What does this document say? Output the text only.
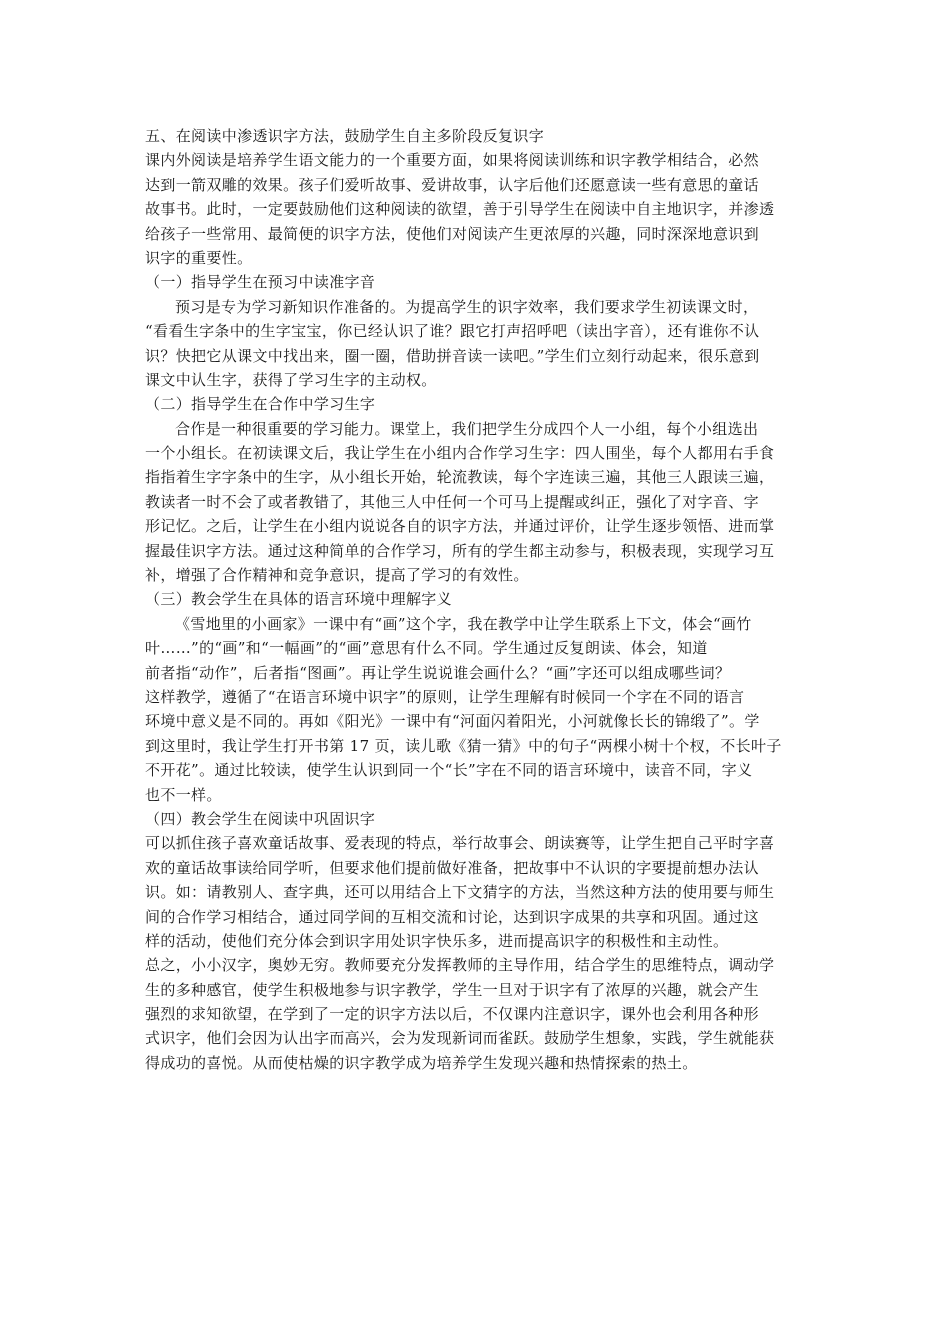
五、在阅读中渗透识字方法，鼓励学生自主多阶段反复识字
课内外阅读是培养学生语文能力的一个重要方面，如果将阅读训练和识字教学相结合，必然
达到一箭双雕的效果。孩子们爱听故事、爱讲故事，认字后他们还愿意读一些有意思的童话
故事书。此时，一定要鼓励他们这种阅读的欲望，善于引导学生在阅读中自主地识字，并渗透
给孩子一些常用、最简便的识字方法，使他们对阅读产生更浓厚的兴趣，同时深深地意识到
识字的重要性。
（一）指导学生在预习中读准字音
预习是专为学习新知识作准备的。为提高学生的识字效率，我们要求学生初读课文时，
“看看生字条中的生字宝宝，你已经认识了谁？跟它打声招呼吧（读出字音），还有谁你不认
识？快把它从课文中找出来，圈一圈，借助拼音读一读吧。”学生们立刻行动起来，很乐意到
课文中认生字，获得了学习生字的主动权。
（二）指导学生在合作中学习生字
合作是一种很重要的学习能力。课堂上，我们把学生分成四个人一小组，每个小组选出
一个小组长。在初读课文后，我让学生在小组内合作学习生字：四人围坐，每个人都用右手食
指指着生字字条中的生字，从小组长开始，轮流教读，每个字连读三遍，其他三人跟读三遍，
教读者一时不会了或者教错了，其他三人中任何一个可马上提醒或纠正，强化了对字音、字
形记忆。之后，让学生在小组内说说各自的识字方法，并通过评价，让学生逐步领悟、进而掌
握最佳识字方法。通过这种简单的合作学习，所有的学生都主动参与，积极表现，实现学习互
补，增强了合作精神和竞争意识，提高了学习的有效性。
（三）教会学生在具体的语言环境中理解字义
《雪地里的小画家》一课中有“画”这个字，我在教学中让学生联系上下文，体会“画竹
叶……”的“画”和“一幅画”的“画”意思有什么不同。学生通过反复朗读、体会，知道
前者指“动作”，后者指“图画”。再让学生说说谁会画什么？“画”字还可以组成哪些词？
这样教学，遵循了“在语言环境中识字”的原则，让学生理解有时候同一个字在不同的语言
环境中意义是不同的。再如《阳光》一课中有“河面闪着阳光，小河就像长长的锦缎了”。学
到这里时，我让学生打开书第 17 页，读儿歌《猜一猜》中的句子“两棵小树十个杈，不长叶子
不开花”。通过比较读，使学生认识到同一个“长”字在不同的语言环境中，读音不同，字义
也不一样。
（四）教会学生在阅读中巩固识字
可以抓住孩子喜欢童话故事、爱表现的特点，举行故事会、朗读赛等，让学生把自己平时字喜
欢的童话故事读给同学听，但要求他们提前做好准备，把故事中不认识的字要提前想办法认
识。如：请教别人、查字典，还可以用结合上下文猜字的方法，当然这种方法的使用要与师生
间的合作学习相结合，通过同学间的互相交流和讨论，达到识字成果的共享和巩固。通过这
样的活动，使他们充分体会到识字用处识字快乐多，进而提高识字的积极性和主动性。
总之，小小汉字，奥妙无穷。教师要充分发挥教师的主导作用，结合学生的思维特点，调动学
生的多种感官，使学生积极地参与识字教学，学生一旦对于识字有了浓厚的兴趣，就会产生
强烈的求知欲望，在学到了一定的识字方法以后，不仅课内注意识字，课外也会利用各种形
式识字，他们会因为认出字而高兴，会为发现新词而雀跃。鼓励学生想象，实践，学生就能获
得成功的喜悦。从而使枯燥的识字教学成为培养学生发现兴趣和热情探索的热土。
